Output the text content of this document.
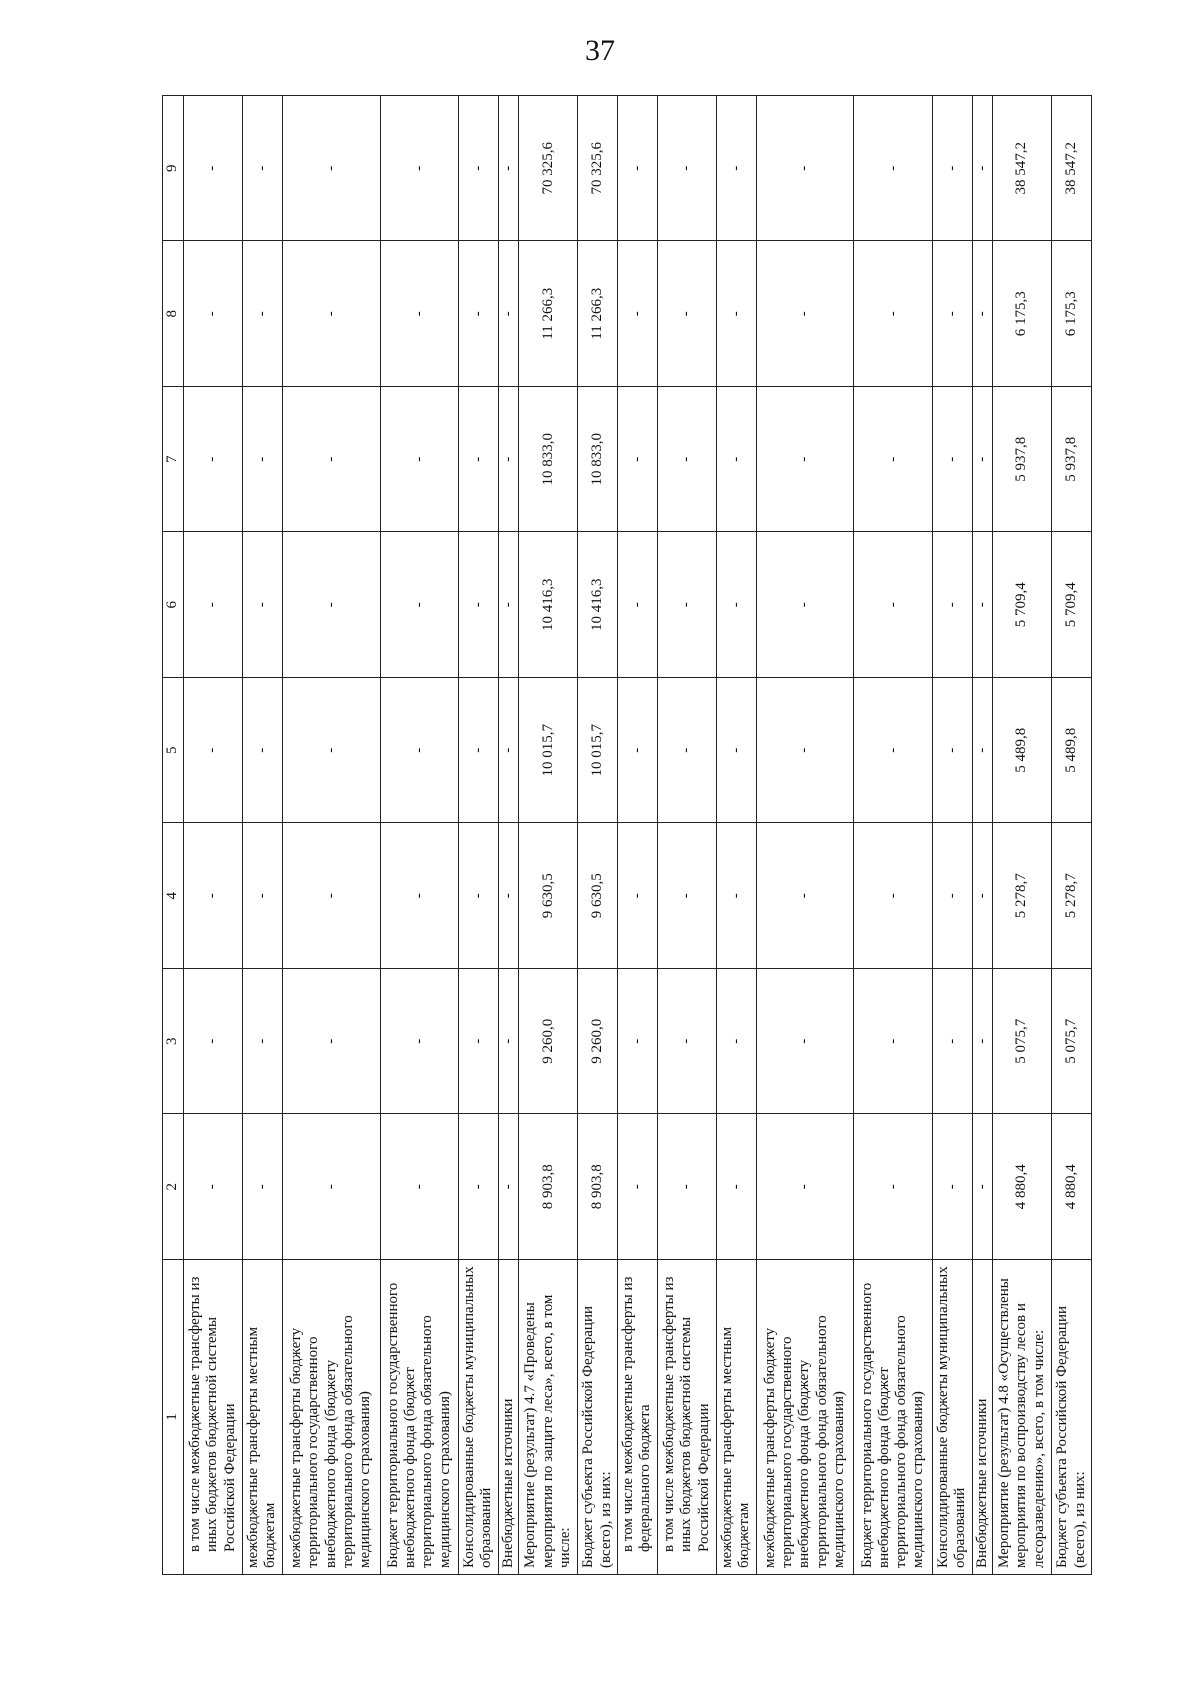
37
1	2	3	4	5	6	7	8	9
в том числе межбюджетные трансферты из иных бюджетов бюджетной системы Российской Федерации	-	-	-	-	-	-	-	-
межбюджетные трансферты местным бюджетам	-	-	-	-	-	-	-	-
межбюджетные трансферты бюджету территориального государственного внебюджетного фонда (бюджету территориального фонда обязательного медицинского страхования)	-	-	-	-	-	-	-	-
Бюджет территориального государственного внебюджетного фонда (бюджет территориального фонда обязательного медицинского страхования)	-	-	-	-	-	-	-	-
Консолидированные бюджеты муниципальных образований	-	-	-	-	-	-	-	-
Внебюджетные источники	-	-	-	-	-	-	-	-
Мероприятие (результат) 4.7 «Проведены мероприятия по защите леса», всего, в том числе:	8 903,8	9 260,0	9 630,5	10 015,7	10 416,3	10 833,0	11 266,3	70 325,6
Бюджет субъекта Российской Федерации (всего), из них:	8 903,8	9 260,0	9 630,5	10 015,7	10 416,3	10 833,0	11 266,3	70 325,6
в том числе межбюджетные трансферты из федерального бюджета	-	-	-	-	-	-	-	-
в том числе межбюджетные трансферты из иных бюджетов бюджетной системы Российской Федерации	-	-	-	-	-	-	-	-
межбюджетные трансферты местным бюджетам	-	-	-	-	-	-	-	-
межбюджетные трансферты бюджету территориального государственного внебюджетного фонда (бюджету территориального фонда обязательного медицинского страхования)	-	-	-	-	-	-	-	-
Бюджет территориального государственного внебюджетного фонда (бюджет территориального фонда обязательного медицинского страхования)	-	-	-	-	-	-	-	-
Консолидированные бюджеты муниципальных образований	-	-	-	-	-	-	-	-
Внебюджетные источники	-	-	-	-	-	-	-	-
Мероприятие (результат) 4.8 «Осуществлены мероприятия по воспроизводству лесов и лесоразведению», всего, в том числе:	4 880,4	5 075,7	5 278,7	5 489,8	5 709,4	5 937,8	6 175,3	38 547,2
Бюджет субъекта Российской Федерации (всего), из них:	4 880,4	5 075,7	5 278,7	5 489,8	5 709,4	5 937,8	6 175,3	38 547,2
